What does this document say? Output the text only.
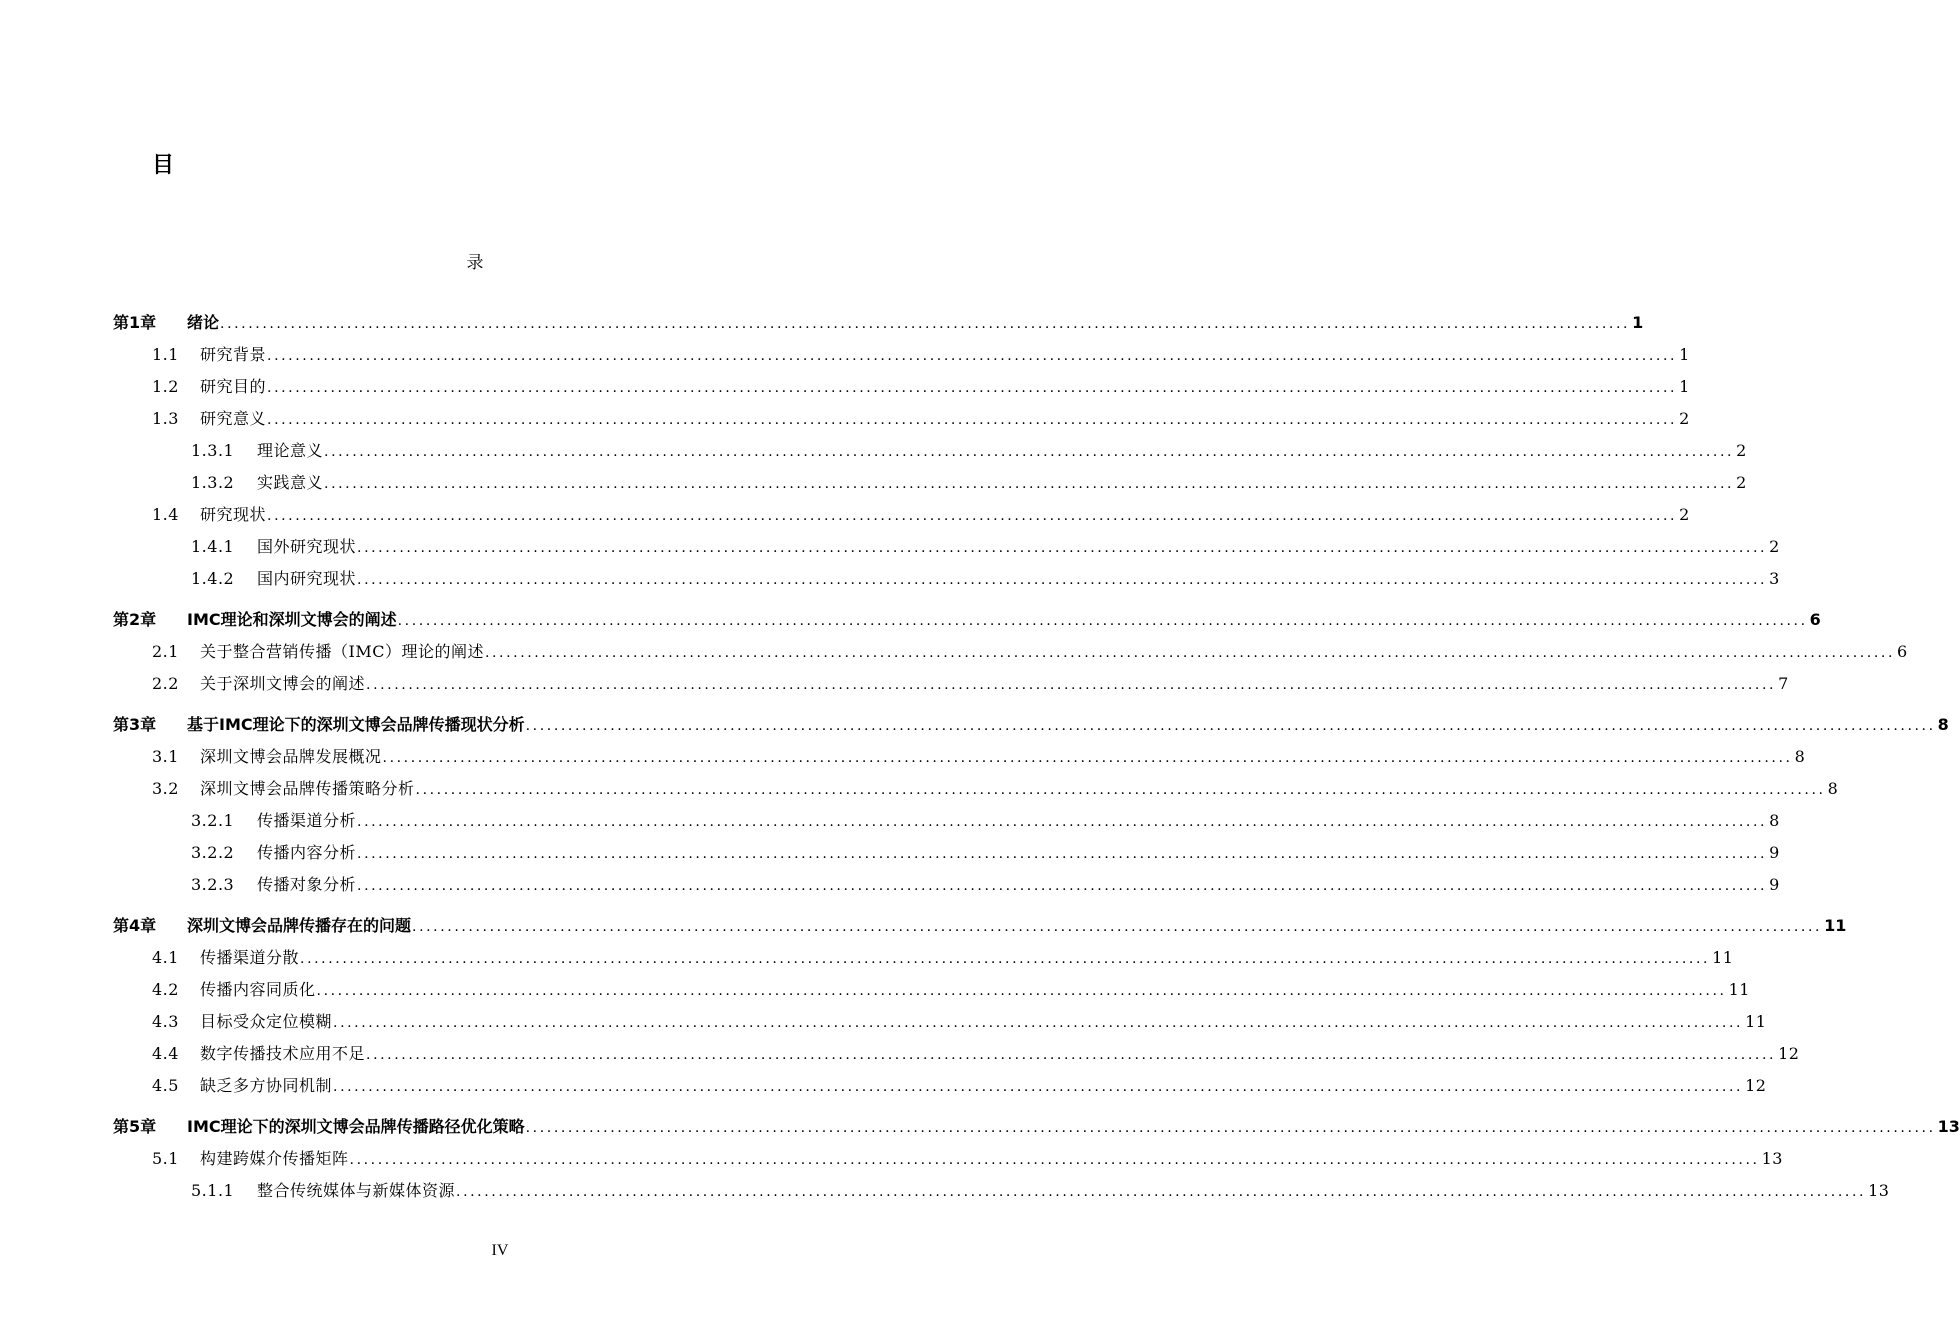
目
录
第1章	绪论 ........................................................................................................................................................................................................ 1
1.1	研究背景 ........................................................................................................................................................................................................ 1
1.2	研究目的 ........................................................................................................................................................................................................ 1
1.3	研究意义 ........................................................................................................................................................................................................ 2
1.3.1	理论意义 ........................................................................................................................................................................................................ 2
1.3.2	实践意义 ........................................................................................................................................................................................................ 2
1.4	研究现状 ........................................................................................................................................................................................................ 2
1.4.1	国外研究现状 ........................................................................................................................................................................................................ 2
1.4.2	国内研究现状 ........................................................................................................................................................................................................ 3
第2章	IMC理论和深圳文博会的阐述 ........................................................................................................................................................................................................ 6
2.1	关于整合营销传播（IMC）理论的阐述 ........................................................................................................................................................................................................ 6
2.2	关于深圳文博会的阐述 ........................................................................................................................................................................................................ 7
第3章	基于IMC理论下的深圳文博会品牌传播现状分析 ........................................................................................................................................................................................................ 8
3.1	深圳文博会品牌发展概况 ........................................................................................................................................................................................................ 8
3.2	深圳文博会品牌传播策略分析 ........................................................................................................................................................................................................ 8
3.2.1	传播渠道分析 ........................................................................................................................................................................................................ 8
3.2.2	传播内容分析 ........................................................................................................................................................................................................ 9
3.2.3	传播对象分析 ........................................................................................................................................................................................................ 9
第4章	深圳文博会品牌传播存在的问题 ........................................................................................................................................................................................................ 11
4.1	传播渠道分散 ........................................................................................................................................................................................................ 11
4.2	传播内容同质化 ........................................................................................................................................................................................................ 11
4.3	目标受众定位模糊 ........................................................................................................................................................................................................ 11
4.4	数字传播技术应用不足 ........................................................................................................................................................................................................ 12
4.5	缺乏多方协同机制 ........................................................................................................................................................................................................ 12
第5章	IMC理论下的深圳文博会品牌传播路径优化策略 ........................................................................................................................................................................................................ 13
5.1	构建跨媒介传播矩阵 ........................................................................................................................................................................................................ 13
5.1.1	整合传统媒体与新媒体资源 ........................................................................................................................................................................................................ 13
IV
